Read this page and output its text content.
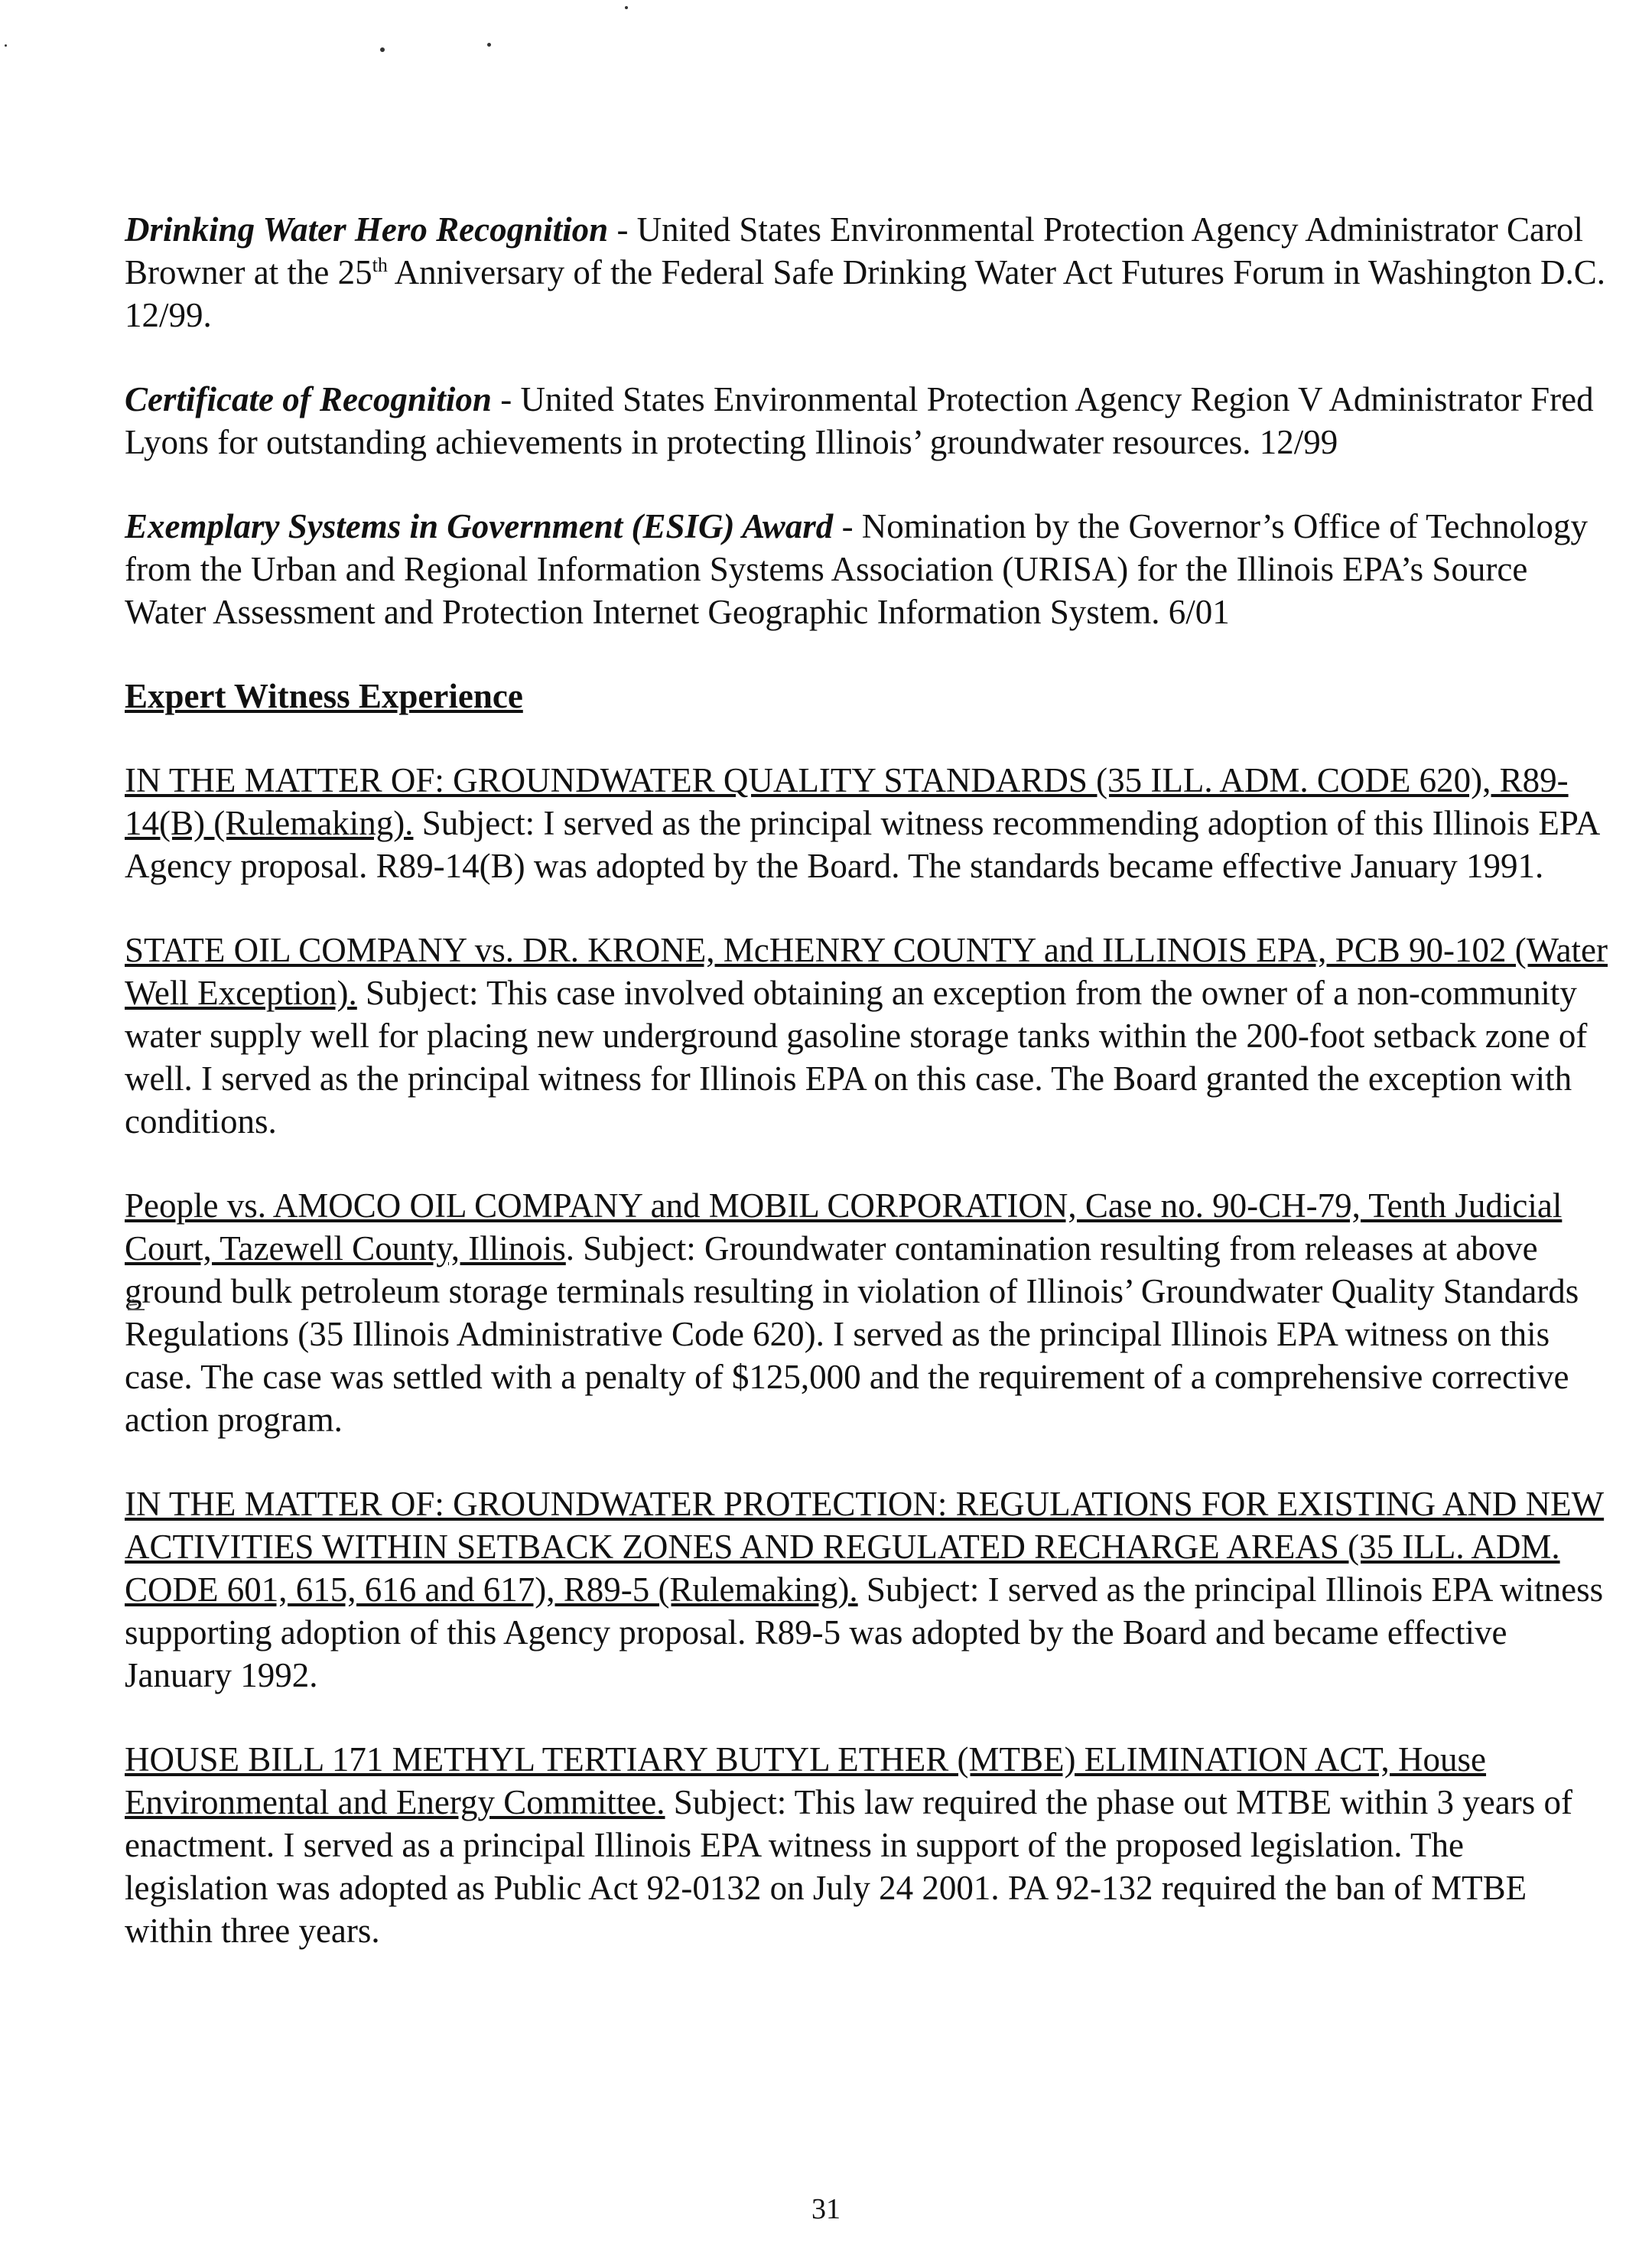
Drinking Water Hero Recognition - United States Environmental Protection Agency Administrator Carol Browner at the 25th Anniversary of the Federal Safe Drinking Water Act Futures Forum in Washington D.C. 12/99.

Certificate of Recognition - United States Environmental Protection Agency Region V Administrator Fred Lyons for outstanding achievements in protecting Illinois’ groundwater resources. 12/99

Exemplary Systems in Government (ESIG) Award - Nomination by the Governor’s Office of Technology from the Urban and Regional Information Systems Association (URISA) for the Illinois EPA’s Source Water Assessment and Protection Internet Geographic Information System. 6/01

Expert Witness Experience

IN THE MATTER OF: GROUNDWATER QUALITY STANDARDS (35 ILL. ADM. CODE 620), R89-14(B) (Rulemaking). Subject: I served as the principal witness recommending adoption of this Illinois EPA Agency proposal. R89-14(B) was adopted by the Board. The standards became effective January 1991.

STATE OIL COMPANY vs. DR. KRONE, McHENRY COUNTY and ILLINOIS EPA, PCB 90-102 (Water Well Exception). Subject: This case involved obtaining an exception from the owner of a non-community water supply well for placing new underground gasoline storage tanks within the 200-foot setback zone of well. I served as the principal witness for Illinois EPA on this case. The Board granted the exception with conditions.

People vs. AMOCO OIL COMPANY and MOBIL CORPORATION, Case no. 90-CH-79, Tenth Judicial Court, Tazewell County, Illinois. Subject: Groundwater contamination resulting from releases at above ground bulk petroleum storage terminals resulting in violation of Illinois’ Groundwater Quality Standards Regulations (35 Illinois Administrative Code 620). I served as the principal Illinois EPA witness on this case. The case was settled with a penalty of $125,000 and the requirement of a comprehensive corrective action program.

IN THE MATTER OF: GROUNDWATER PROTECTION: REGULATIONS FOR EXISTING AND NEW ACTIVITIES WITHIN SETBACK ZONES AND REGULATED RECHARGE AREAS (35 ILL. ADM. CODE 601, 615, 616 and 617), R89-5 (Rulemaking). Subject: I served as the principal Illinois EPA witness supporting adoption of this Agency proposal. R89-5 was adopted by the Board and became effective January 1992.

HOUSE BILL 171 METHYL TERTIARY BUTYL ETHER (MTBE) ELIMINATION ACT, House Environmental and Energy Committee. Subject: This law required the phase out MTBE within 3 years of enactment. I served as a principal Illinois EPA witness in support of the proposed legislation. The legislation was adopted as Public Act 92-0132 on July 24 2001. PA 92-132 required the ban of MTBE within three years.

31
